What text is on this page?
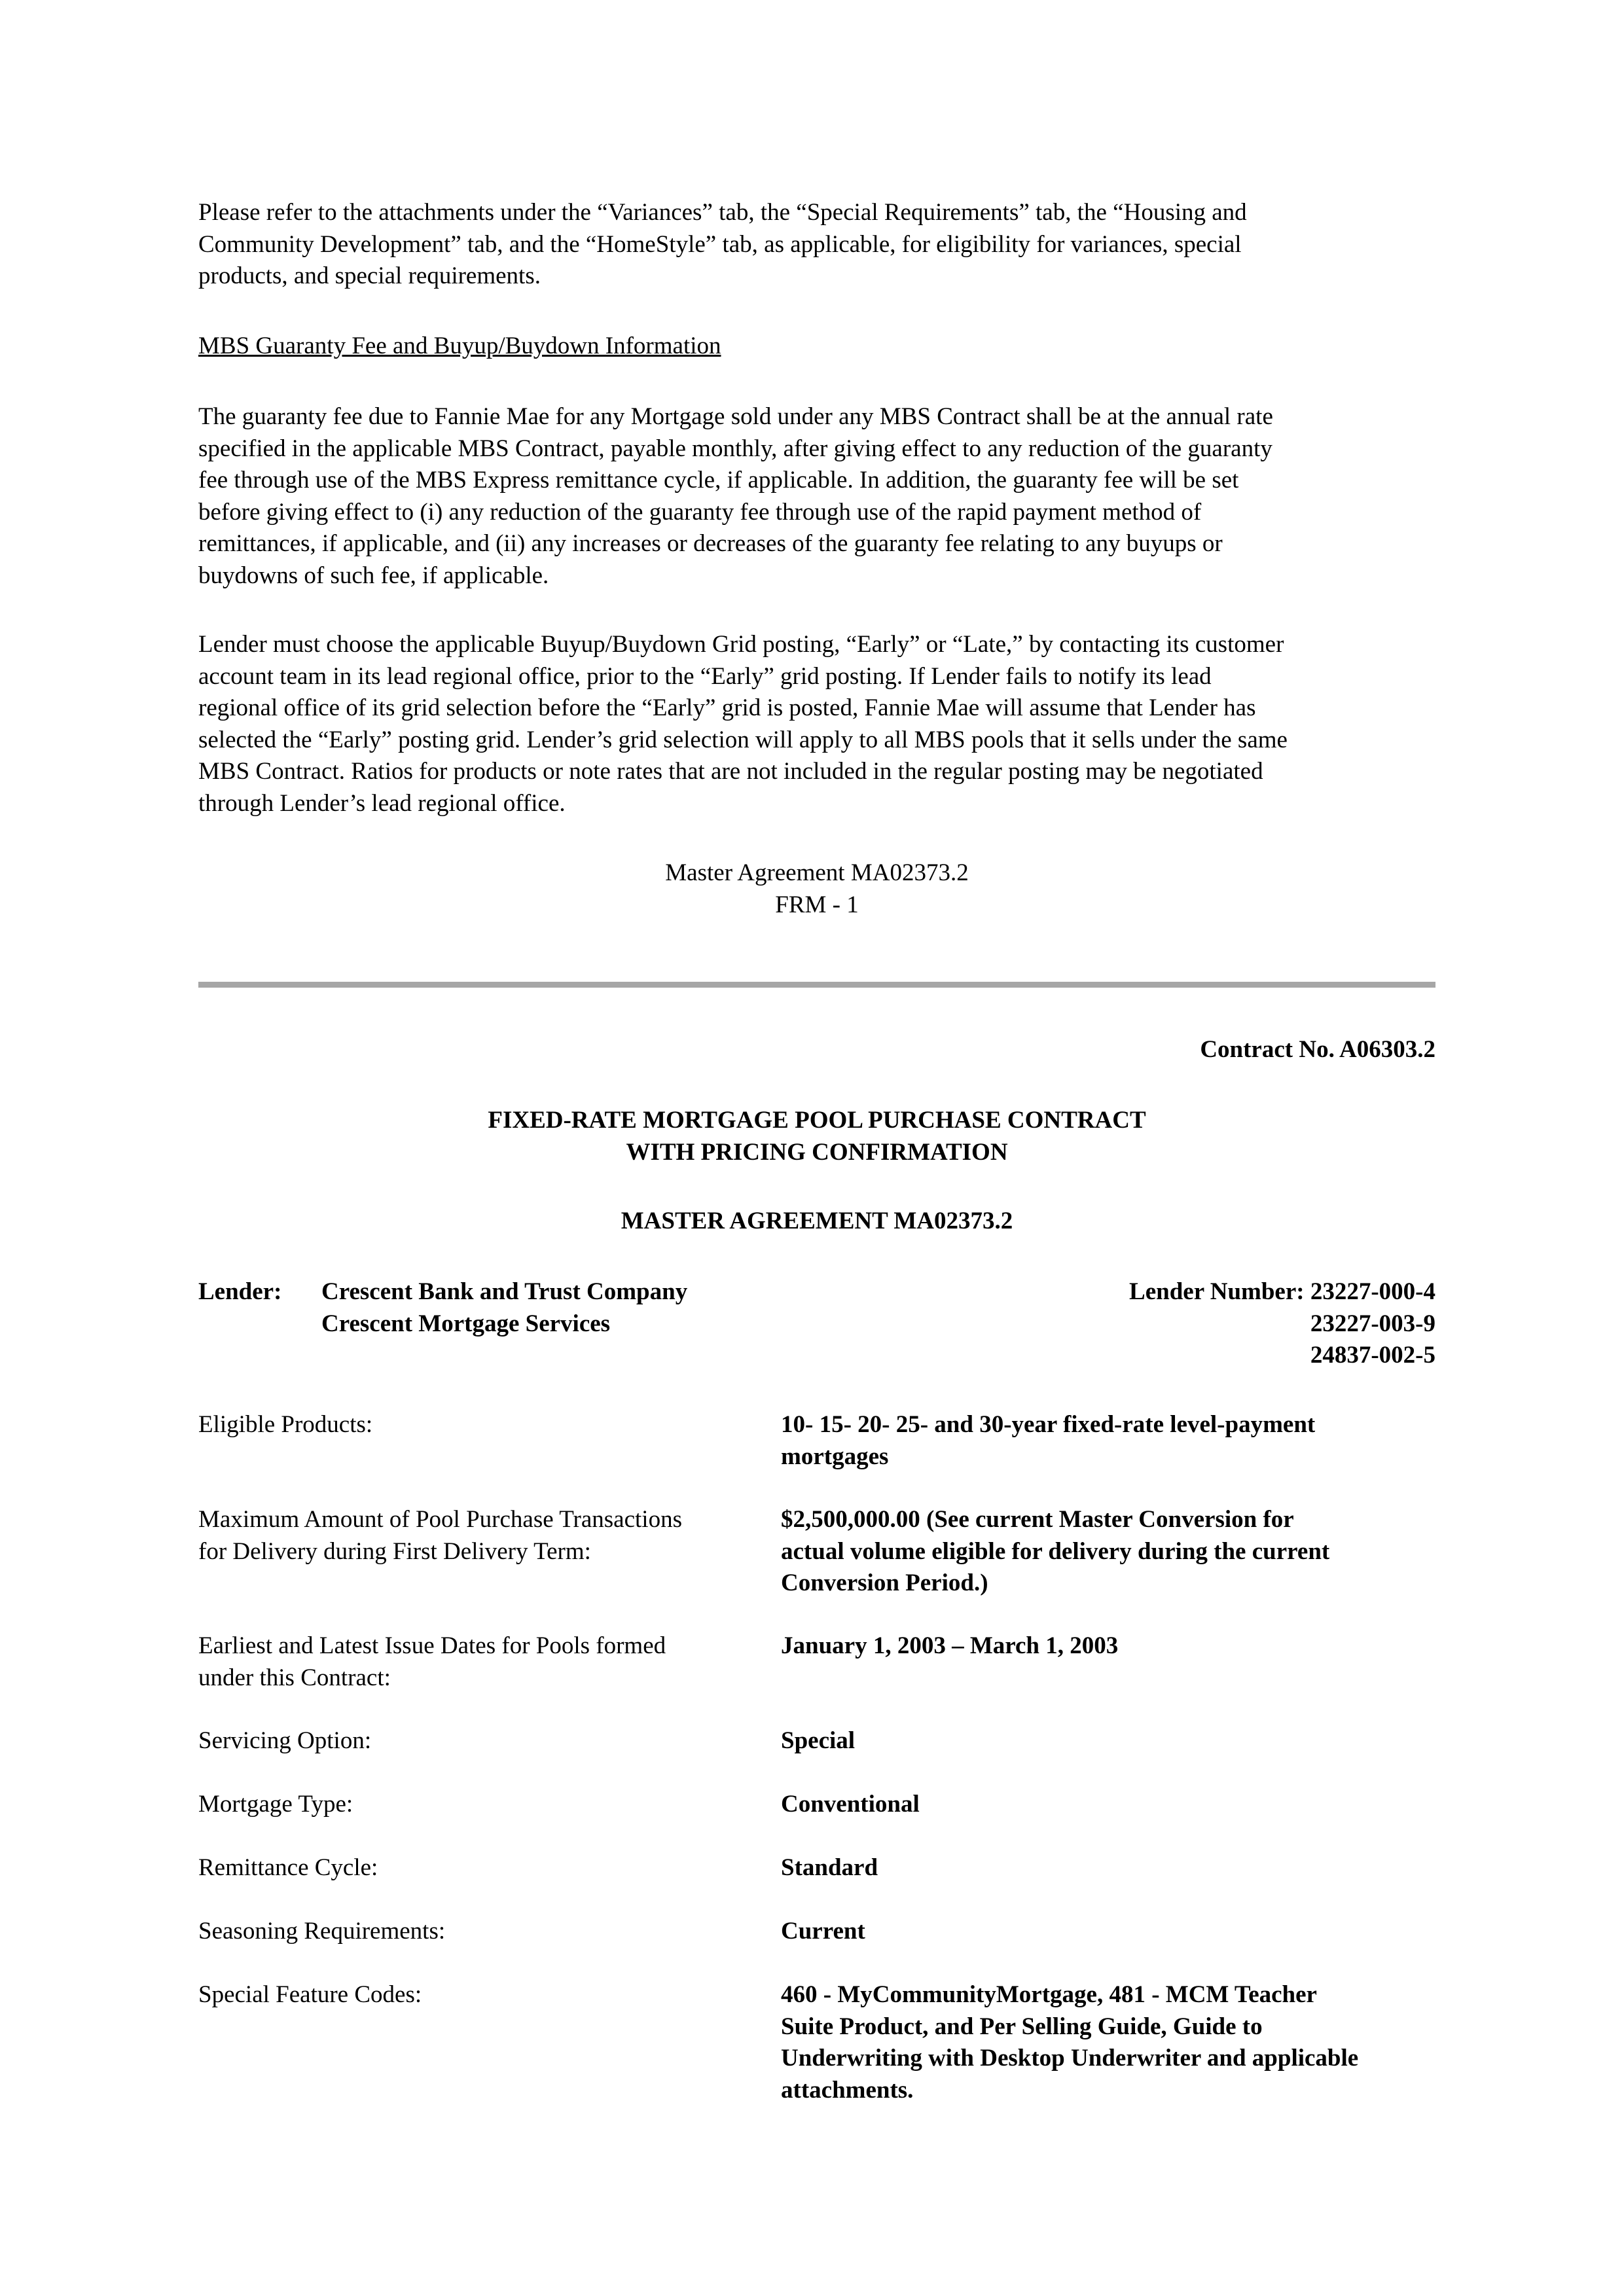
Please refer to the attachments under the “Variances” tab, the “Special Requirements” tab, the “Housing and
Community Development” tab, and the “HomeStyle” tab, as applicable, for eligibility for variances, special
products, and special requirements.
MBS Guaranty Fee and Buyup/Buydown Information
The guaranty fee due to Fannie Mae for any Mortgage sold under any MBS Contract shall be at the annual rate
specified in the applicable MBS Contract, payable monthly, after giving effect to any reduction of the guaranty
fee through use of the MBS Express remittance cycle, if applicable. In addition, the guaranty fee will be set
before giving effect to (i) any reduction of the guaranty fee through use of the rapid payment method of
remittances, if applicable, and (ii) any increases or decreases of the guaranty fee relating to any buyups or
buydowns of such fee, if applicable.
Lender must choose the applicable Buyup/Buydown Grid posting, “Early” or “Late,” by contacting its customer
account team in its lead regional office, prior to the “Early” grid posting. If Lender fails to notify its lead
regional office of its grid selection before the “Early” grid is posted, Fannie Mae will assume that Lender has
selected the “Early” posting grid. Lender’s grid selection will apply to all MBS pools that it sells under the same
MBS Contract. Ratios for products or note rates that are not included in the regular posting may be negotiated
through Lender’s lead regional office.
Master Agreement MA02373.2
FRM - 1
Contract No. A06303.2
FIXED-RATE MORTGAGE POOL PURCHASE CONTRACT
WITH PRICING CONFIRMATION
MASTER AGREEMENT MA02373.2
Lender: Crescent Bank and Trust Company
Crescent Mortgage Services
Lender Number: 23227-000-4
23227-003-9
24837-002-5
Eligible Products:	10- 15- 20- 25- and 30-year fixed-rate level-payment
mortgages
Maximum Amount of Pool Purchase Transactions
for Delivery during First Delivery Term:
$2,500,000.00 (See current Master Conversion for
actual volume eligible for delivery during the current
Conversion Period.)
Earliest and Latest Issue Dates for Pools formed
under this Contract:
January 1, 2003 – March 1, 2003
Servicing Option:	Special
Mortgage Type:	Conventional
Remittance Cycle:	Standard
Seasoning Requirements:	Current
Special Feature Codes:	460 - MyCommunityMortgage, 481 - MCM Teacher
Suite Product, and Per Selling Guide, Guide to
Underwriting with Desktop Underwriter and applicable
attachments.
